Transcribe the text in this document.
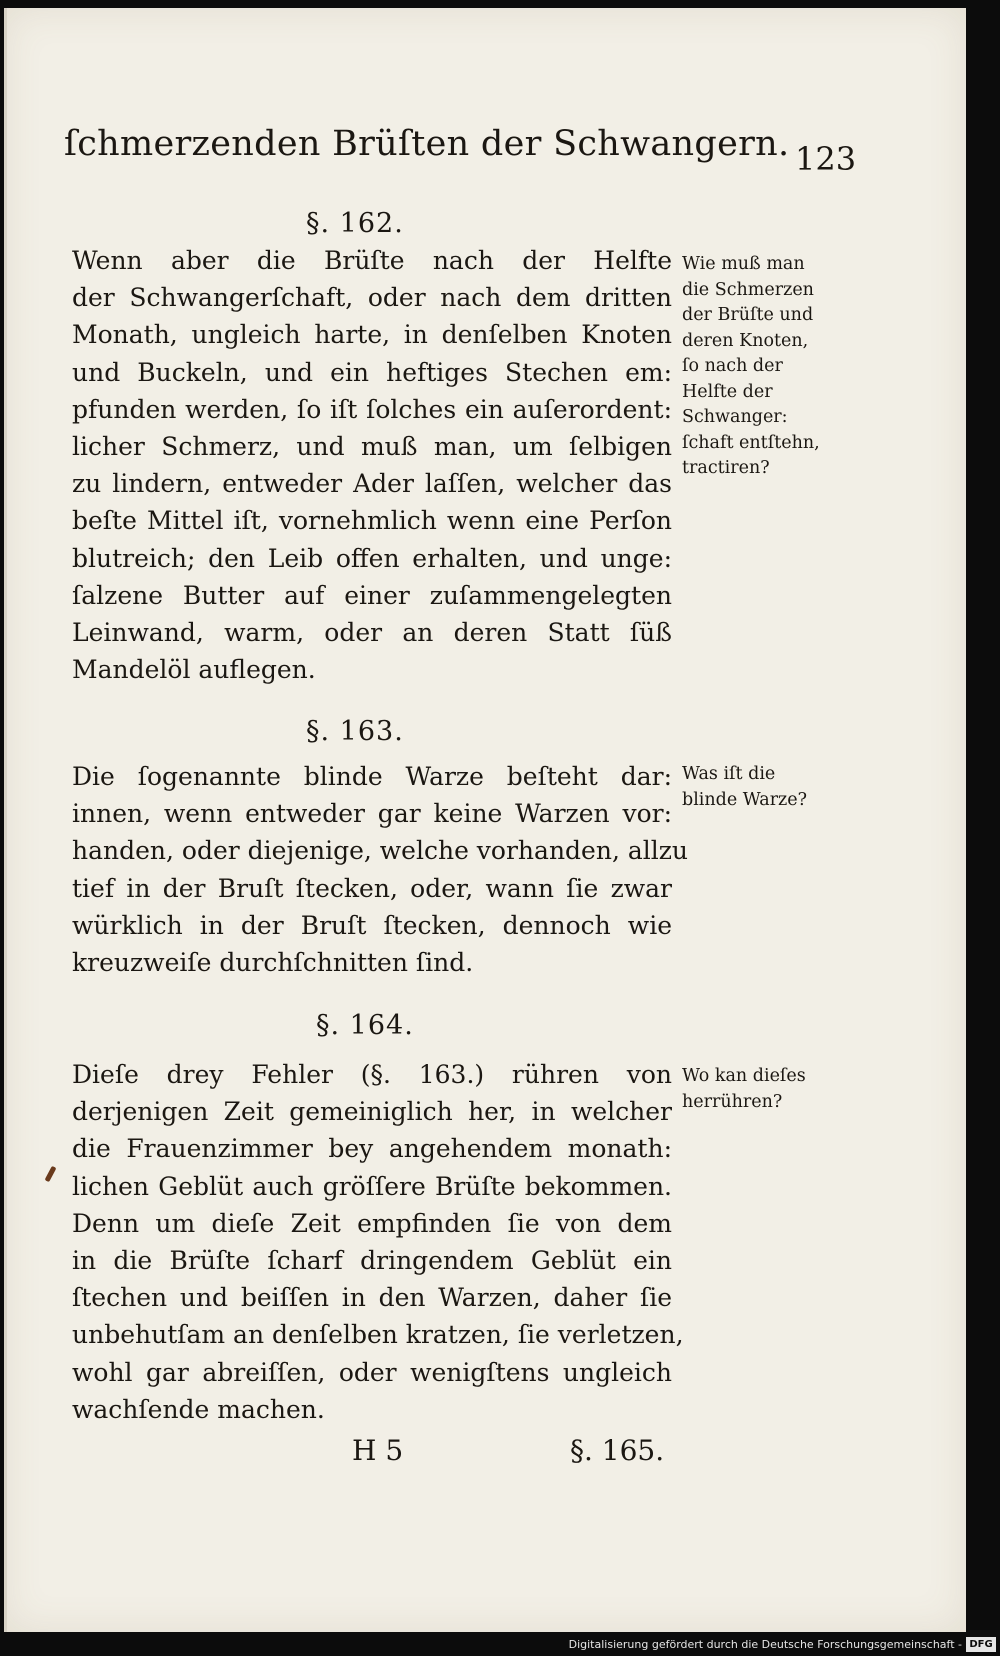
ſchmerzenden Brüſten der Schwangern. 123
§. 162.
Wenn aber die Brüſte nach der Helfte
der Schwangerſchaft, oder nach dem dritten
Monath, ungleich harte, in denſelben Knoten
und Buckeln, und ein heftiges Stechen em:
pfunden werden, ſo iſt ſolches ein auſerordent:
licher Schmerz, und muß man, um ſelbigen
zu lindern, entweder Ader laſſen, welcher das
beſte Mittel iſt, vornehmlich wenn eine Perſon
blutreich; den Leib offen erhalten, und unge:
ſalzene Butter auf einer zuſammengelegten
Leinwand, warm, oder an deren Statt ſüß
Mandelöl auflegen.
Wie muß man
die Schmerzen
der Brüſte und
deren Knoten,
ſo nach der
Helfte der
Schwanger:
ſchaft entſtehn,
tractiren?
§. 163.
Die ſogenannte blinde Warze beſteht dar:
innen, wenn entweder gar keine Warzen vor:
handen, oder diejenige, welche vorhanden, allzu
tief in der Bruſt ſtecken, oder, wann ſie zwar
würklich in der Bruſt ſtecken, dennoch wie
kreuzweiſe durchſchnitten ſind.
Was iſt die
blinde Warze?
§. 164.
Dieſe drey Fehler (§. 163.) rühren von
derjenigen Zeit gemeiniglich her, in welcher
die Frauenzimmer bey angehendem monath:
lichen Geblüt auch gröſſere Brüſte bekommen.
Denn um dieſe Zeit empfinden ſie von dem
in die Brüſte ſcharf dringendem Geblüt ein
ſtechen und beiſſen in den Warzen, daher ſie
unbehutſam an denſelben kratzen, ſie verletzen,
wohl gar abreiſſen, oder wenigſtens ungleich
wachſende machen.
Wo kan dieſes
herrühren?
H 5	§. 165.
Digitalisierung gefördert durch die Deutsche Forschungsgemeinschaft - DFG
